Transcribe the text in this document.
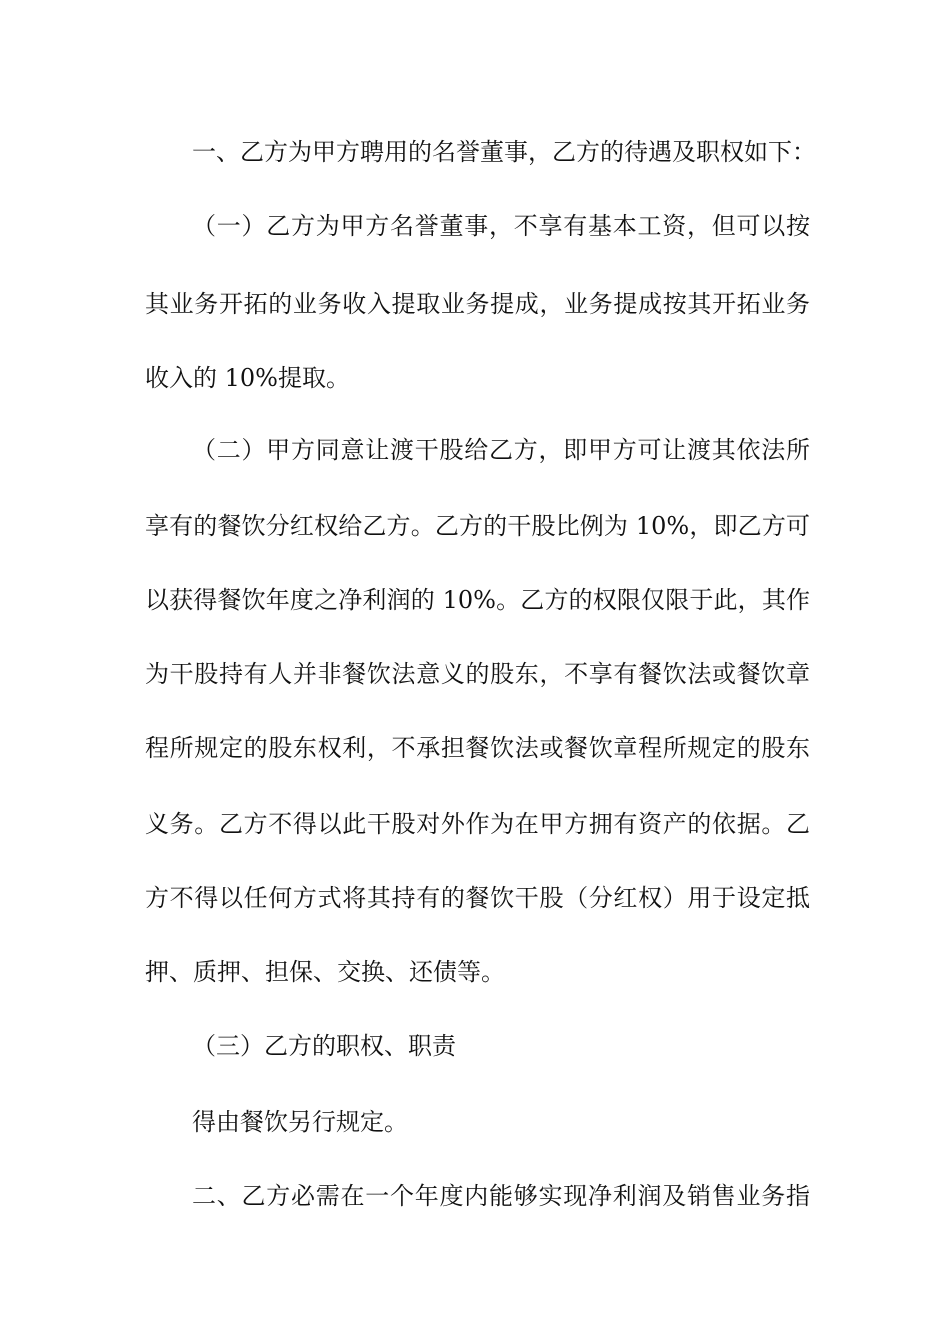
一、乙方为甲方聘用的名誉董事，乙方的待遇及职权如下：
（一）乙方为甲方名誉董事，不享有基本工资，但可以按
其业务开拓的业务收入提取业务提成，业务提成按其开拓业务
收入的 10%提取。
（二）甲方同意让渡干股给乙方，即甲方可让渡其依法所
享有的餐饮分红权给乙方。乙方的干股比例为 10%，即乙方可
以获得餐饮年度之净利润的 10%。乙方的权限仅限于此，其作
为干股持有人并非餐饮法意义的股东，不享有餐饮法或餐饮章
程所规定的股东权利，不承担餐饮法或餐饮章程所规定的股东
义务。乙方不得以此干股对外作为在甲方拥有资产的依据。乙
方不得以任何方式将其持有的餐饮干股（分红权）用于设定抵
押、质押、担保、交换、还债等。
（三）乙方的职权、职责
得由餐饮另行规定。
二、乙方必需在一个年度内能够实现净利润及销售业务指
